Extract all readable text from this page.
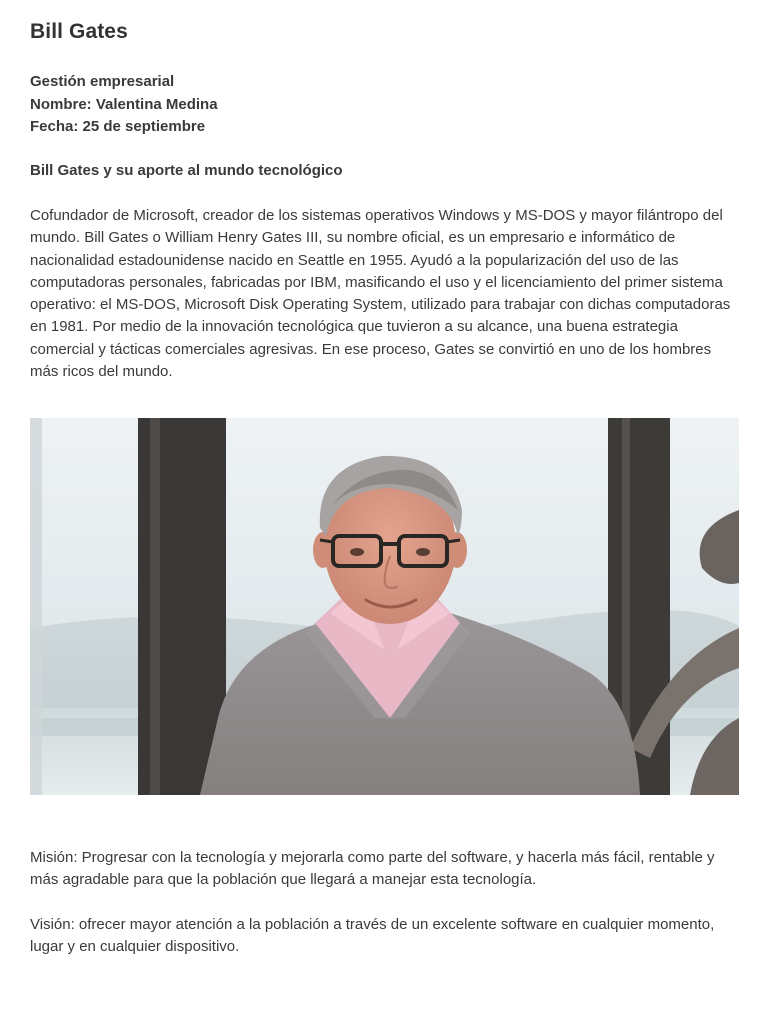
Bill Gates
Gestión empresarial
Nombre: Valentina Medina
Fecha: 25 de septiembre
Bill Gates y su aporte al mundo tecnológico

Cofundador de Microsoft, creador de los sistemas operativos Windows y MS-DOS y mayor filántropo del mundo. Bill Gates o William Henry Gates III, su nombre oficial, es un empresario e informático de nacionalidad estadounidense nacido en Seattle en 1955. Ayudó a la popularización del uso de las computadoras personales, fabricadas por IBM, masificando el uso y el licenciamiento del primer sistema operativo: el MS-DOS, Microsoft Disk Operating System, utilizado para trabajar con dichas computadoras en 1981. Por medio de la innovación tecnológica que tuvieron a su alcance, una buena estrategia comercial y tácticas comerciales agresivas. En ese proceso, Gates se convirtió en uno de los hombres más ricos del mundo.

Misión: Progresar con la tecnología y mejorarla como parte del software, y hacerla más fácil, rentable y más agradable para que la población que llegará a manejar esta tecnología.

Visión: ofrecer mayor atención a la población a través de un excelente software en cualquier momento, lugar y en cualquier dispositivo.
